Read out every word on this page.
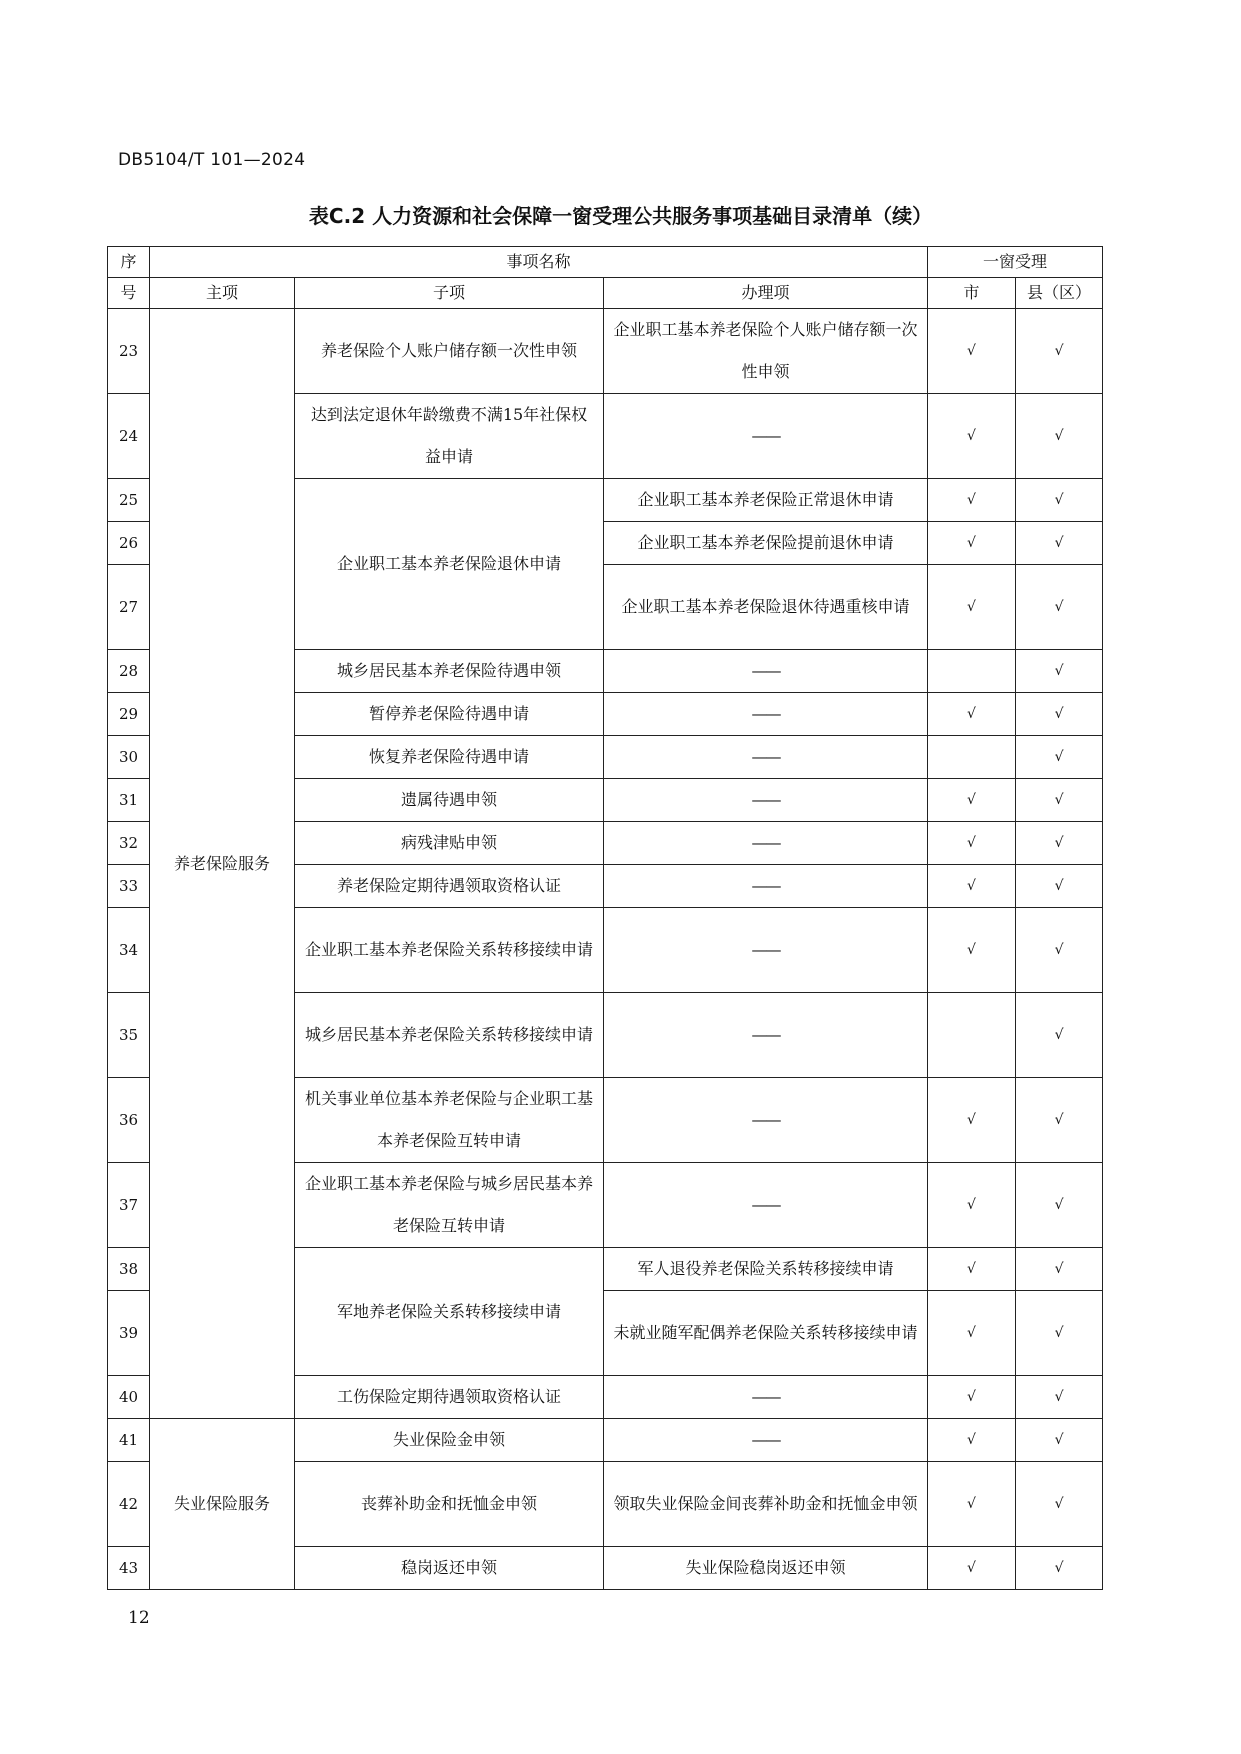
DB5104/T 101—2024
表C.2 人力资源和社会保障一窗受理公共服务事项基础目录清单（续）
序	事项名称			一窗受理	
号	主项	子项	办理项	市	县（区）
23	养老保险服务	养老保险个人账户储存额一次性申领	企业职工基本养老保险个人账户储存额一次性申领	√	√
24		达到法定退休年龄缴费不满15年社保权益申请	——	√	√
25		企业职工基本养老保险退休申请	企业职工基本养老保险正常退休申请	√	√
26			企业职工基本养老保险提前退休申请	√	√
27			企业职工基本养老保险退休待遇重核申请	√	√
28		城乡居民基本养老保险待遇申领	——		√
29		暂停养老保险待遇申请	——	√	√
30		恢复养老保险待遇申请	——		√
31		遗属待遇申领	——	√	√
32		病残津贴申领	——	√	√
33		养老保险定期待遇领取资格认证	——	√	√
34		企业职工基本养老保险关系转移接续申请	——	√	√
35		城乡居民基本养老保险关系转移接续申请	——		√
36		机关事业单位基本养老保险与企业职工基本养老保险互转申请	——	√	√
37		企业职工基本养老保险与城乡居民基本养老保险互转申请	——	√	√
38		军地养老保险关系转移接续申请	军人退役养老保险关系转移接续申请	√	√
39			未就业随军配偶养老保险关系转移接续申请	√	√
40		工伤保险定期待遇领取资格认证	——	√	√
41	失业保险服务	失业保险金申领	——	√	√
42		丧葬补助金和抚恤金申领	领取失业保险金间丧葬补助金和抚恤金申领	√	√
43		稳岗返还申领	失业保险稳岗返还申领	√	√
12
